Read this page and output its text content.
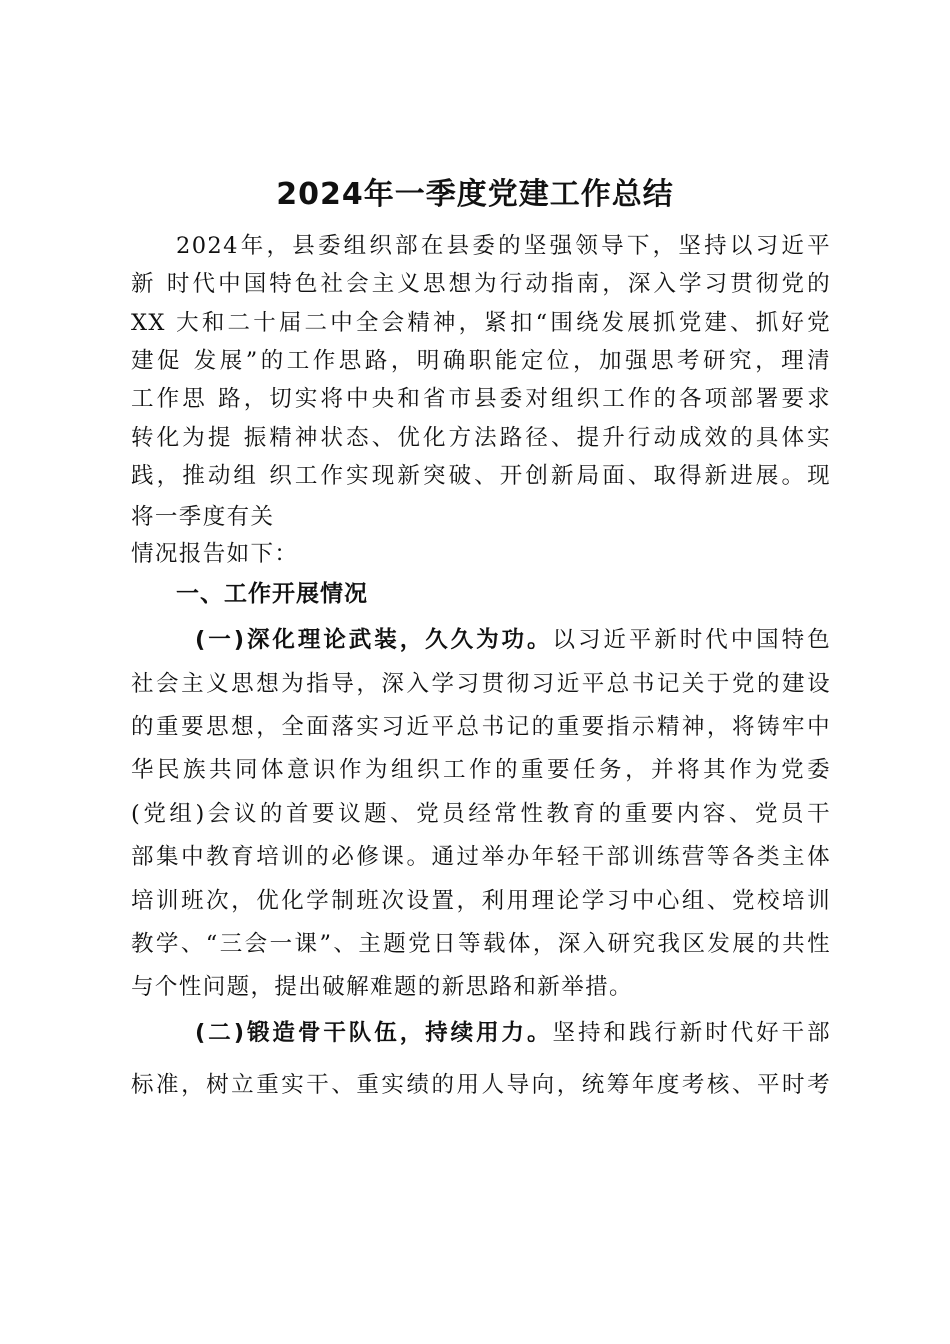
2024年一季度党建工作总结
2024年，县委组织部在县委的坚强领导下，坚持以习近平
新 时代中国特色社会主义思想为行动指南，深入学习贯彻党的
XX 大和二十届二中全会精神，紧扣“围绕发展抓党建、抓好党
建促 发展”的工作思路，明确职能定位，加强思考研究，理清
工作思 路，切实将中央和省市县委对组织工作的各项部署要求
转化为提 振精神状态、优化方法路径、提升行动成效的具体实
践，推动组 织工作实现新突破、开创新局面、取得新进展。现
将一季度有关
情况报告如下：
一、工作开展情况
(一)深化理论武装，久久为功。以习近平新时代中国特色
社会主义思想为指导，深入学习贯彻习近平总书记关于党的建设
的重要思想，全面落实习近平总书记的重要指示精神，将铸牢中
华民族共同体意识作为组织工作的重要任务，并将其作为党委
(党组)会议的首要议题、党员经常性教育的重要内容、党员干
部集中教育培训的必修课。通过举办年轻干部训练营等各类主体
培训班次，优化学制班次设置，利用理论学习中心组、党校培训
教学、“三会一课”、主题党日等载体，深入研究我区发展的共性
与个性问题，提出破解难题的新思路和新举措。
(二)锻造骨干队伍，持续用力。坚持和践行新时代好干部
标准，树立重实干、重实绩的用人导向，统筹年度考核、平时考
